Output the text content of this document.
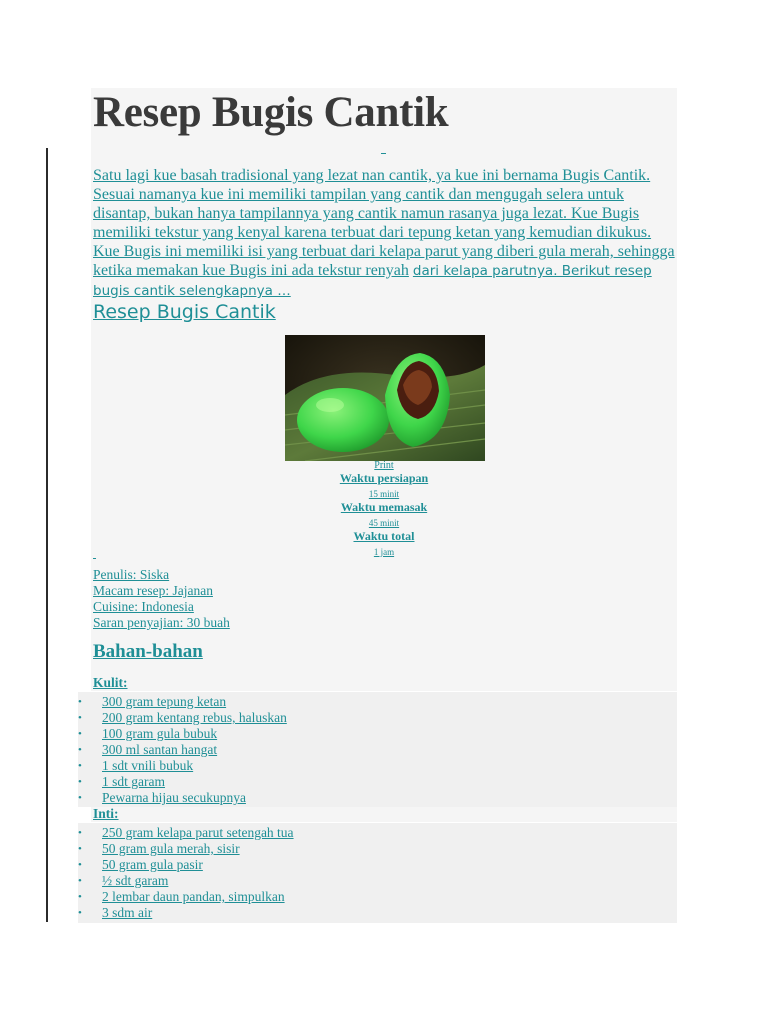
Resep Bugis Cantik

Satu lagi kue basah tradisional yang lezat nan cantik, ya kue ini bernama Bugis Cantik. Sesuai namanya kue ini memiliki tampilan yang cantik dan mengugah selera untuk disantap, bukan hanya tampilannya yang cantik namun rasanya juga lezat. Kue Bugis memiliki tekstur yang kenyal karena terbuat dari tepung ketan yang kemudian dikukus. Kue Bugis ini memiliki isi yang terbuat dari kelapa parut yang diberi gula merah, sehingga ketika memakan kue Bugis ini ada tekstur renyah dari kelapa parutnya. Berikut resep bugis cantik selengkapnya …

Resep Bugis Cantik
Print
Waktu persiapan
15 minit
Waktu memasak
45 minit
Waktu total
1 jam
Penulis: Siska
Macam resep: Jajanan
Cuisine: Indonesia
Saran penyajian: 30 buah
Bahan-bahan
Kulit:
• 300 gram tepung ketan
• 200 gram kentang rebus, haluskan
• 100 gram gula bubuk
• 300 ml santan hangat
• 1 sdt vnili bubuk
• 1 sdt garam
• Pewarna hijau secukupnya
Inti:
• 250 gram kelapa parut setengah tua
• 50 gram gula merah, sisir
• 50 gram gula pasir
• ½ sdt garam
• 2 lembar daun pandan, simpulkan
• 3 sdm air
